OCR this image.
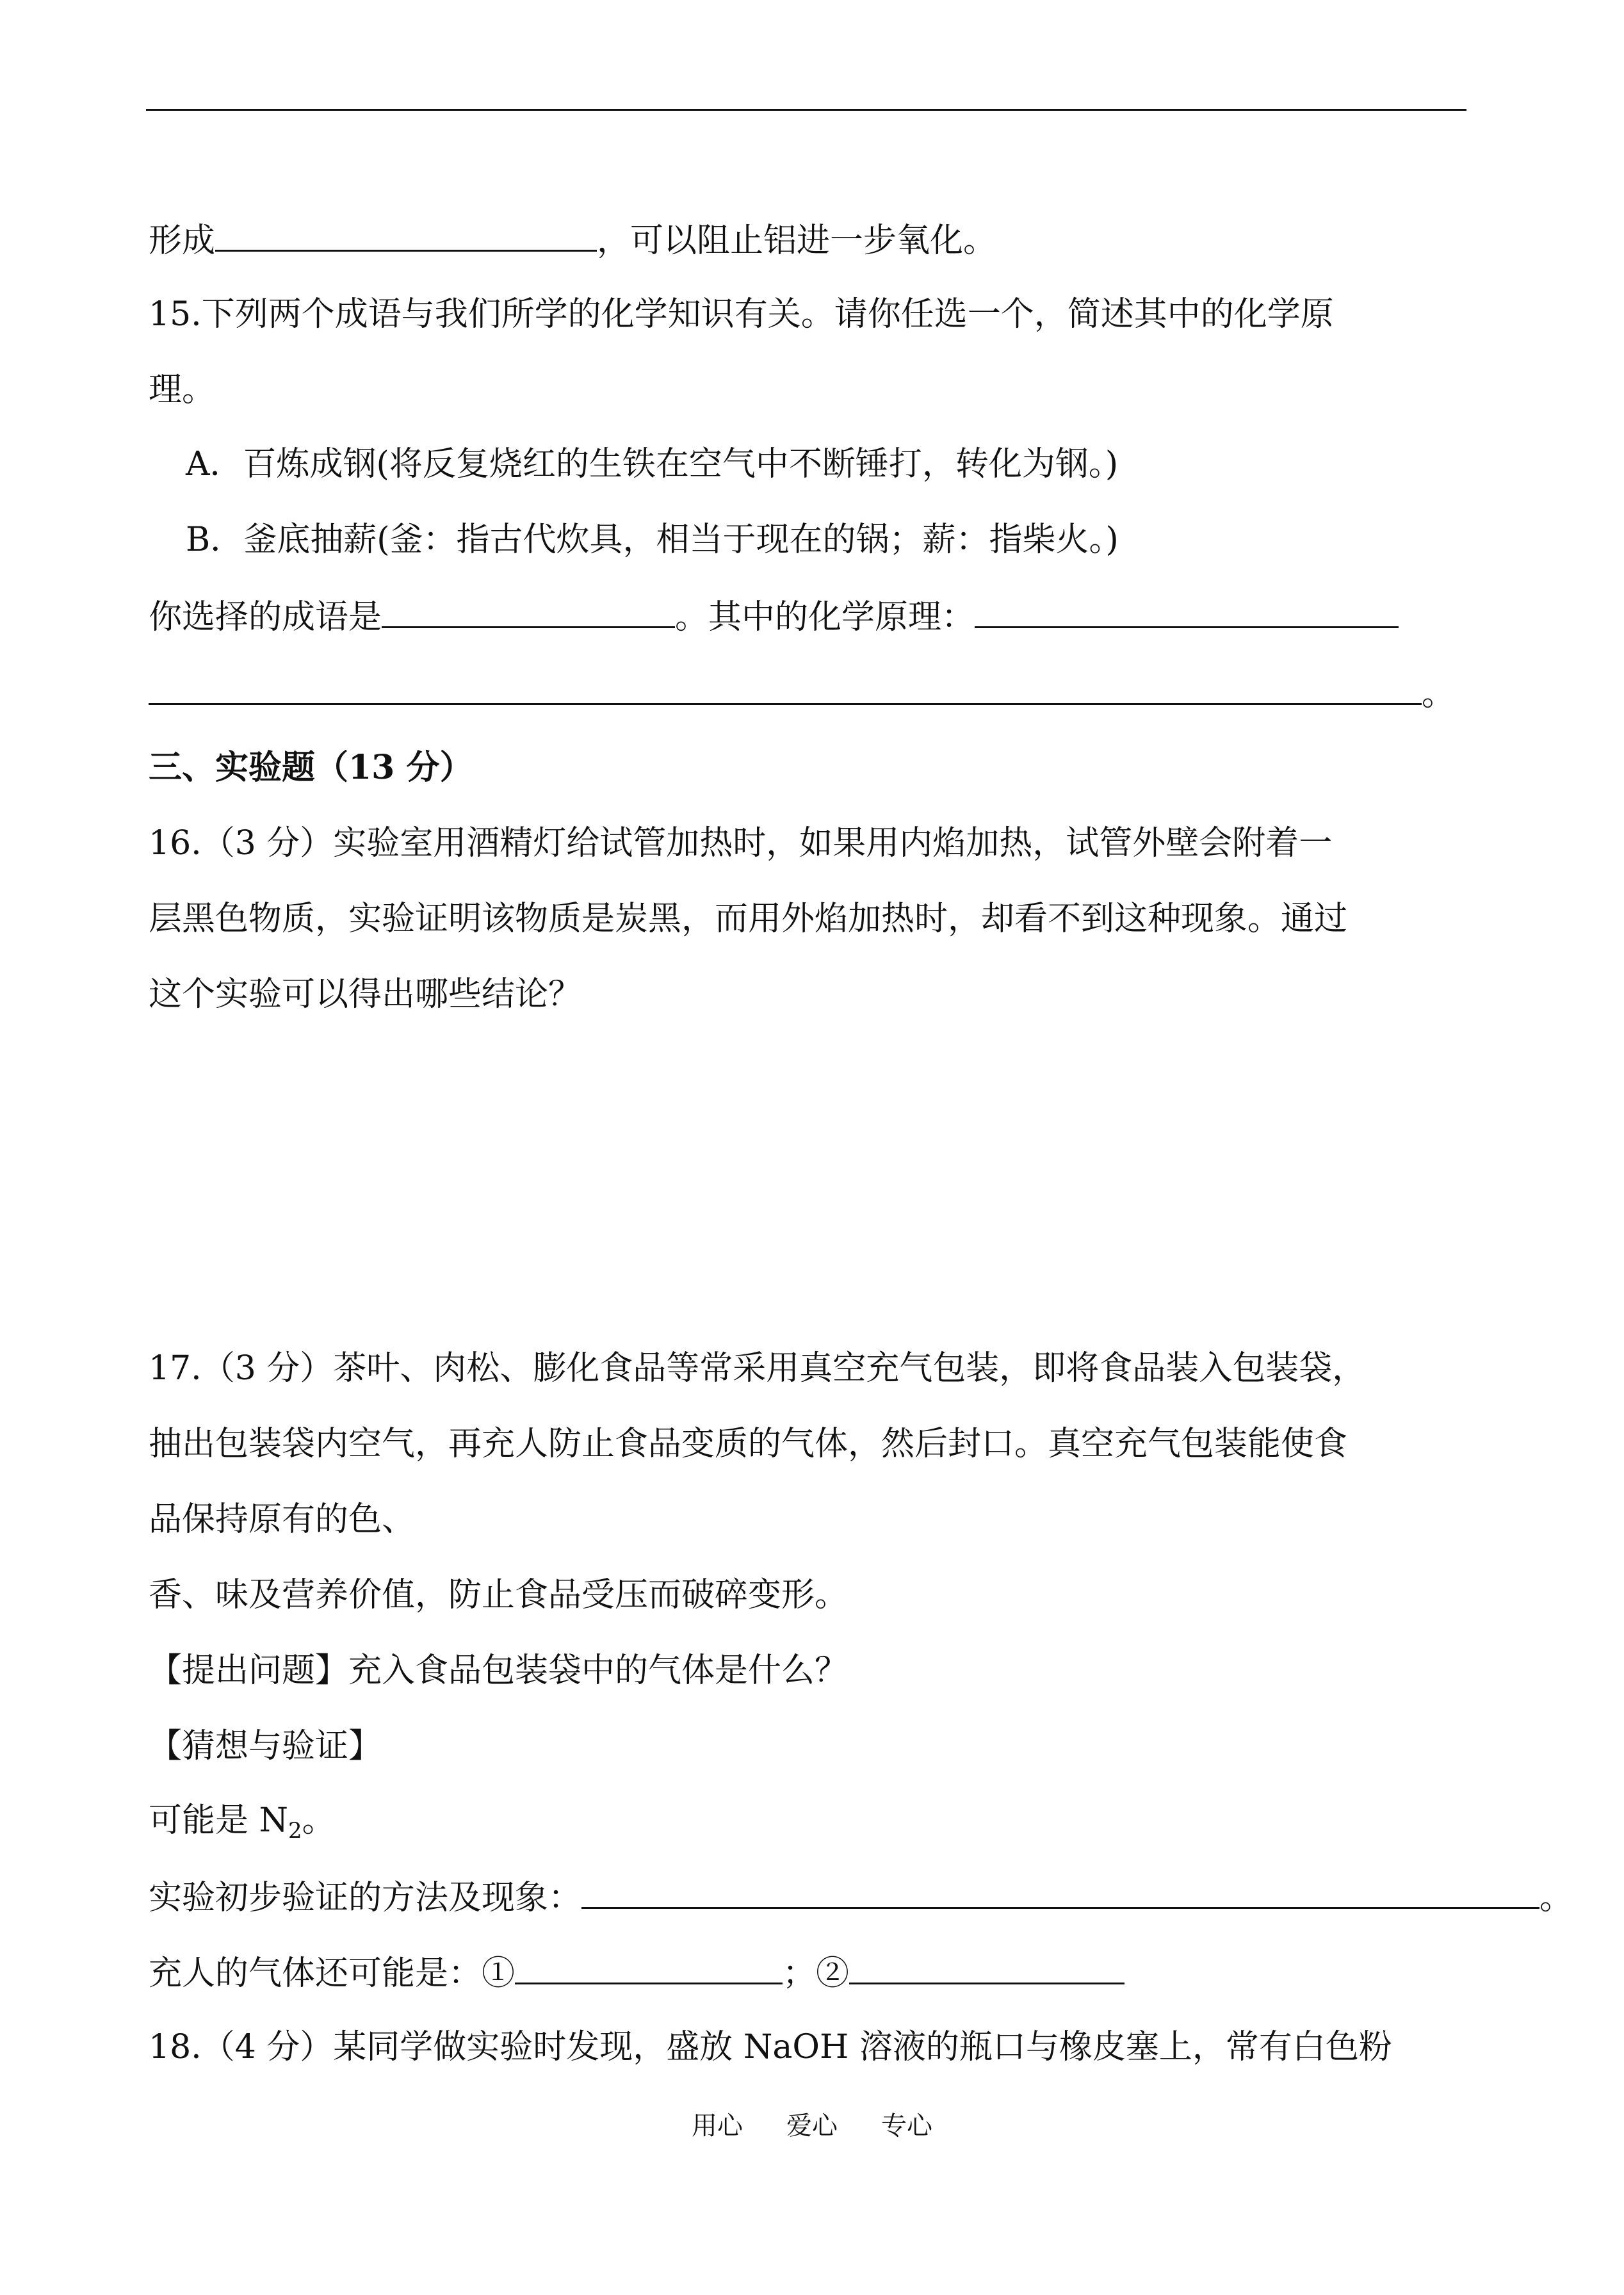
形成	，可以阻止铝进一步氧化。
15.下列两个成语与我们所学的化学知识有关。请你任选一个，简述其中的化学原
理。
A．百炼成钢(将反复烧红的生铁在空气中不断锤打，转化为钢。)
B．釜底抽薪(釜：指古代炊具，相当于现在的锅；薪：指柴火。)
你选择的成语是	。其中的化学原理：
。
三、实验题（13 分）
16.（3 分）实验室用酒精灯给试管加热时，如果用内焰加热，试管外壁会附着一
层黑色物质，实验证明该物质是炭黑，而用外焰加热时，却看不到这种现象。通过
这个实验可以得出哪些结论？
17.（3 分）茶叶、肉松、膨化食品等常采用真空充气包装，即将食品装入包装袋，
抽出包装袋内空气，再充人防止食品变质的气体，然后封口。真空充气包装能使食
品保持原有的色、
香、味及营养价值，防止食品受压而破碎变形。
【提出问题】充入食品包装袋中的气体是什么？
【猜想与验证】
可能是 $N_2$。
实验初步验证的方法及现象：	。
充人的气体还可能是：①	；②
18.（4 分）某同学做实验时发现，盛放 NaOH 溶液的瓶口与橡皮塞上，常有白色粉
用心 爱心 专心
